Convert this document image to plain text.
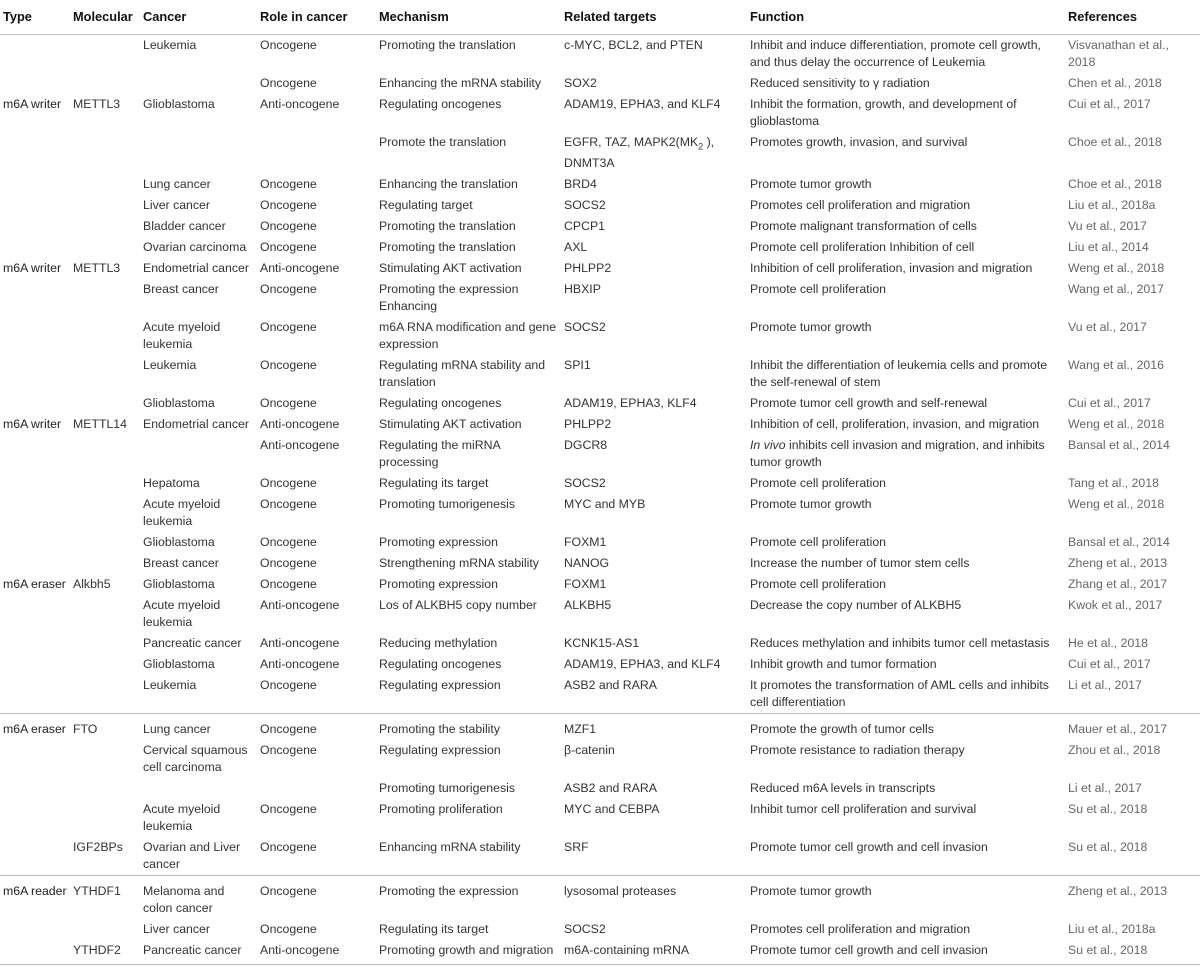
Type	Molecular	Cancer	Role in cancer	Mechanism	Related targets	Function	References
		Leukemia	Oncogene	Promoting the translation	c-MYC, BCL2, and PTEN	Inhibit and induce differentiation, promote cell growth, and thus delay the occurrence of Leukemia	Visvanathan et al., 2018
			Oncogene	Enhancing the mRNA stability	SOX2	Reduced sensitivity to γ radiation	Chen et al., 2018
m6A writer	METTL3	Glioblastoma	Anti-oncogene	Regulating oncogenes	ADAM19, EPHA3, and KLF4	Inhibit the formation, growth, and development of glioblastoma	Cui et al., 2017
				Promote the translation	EGFR, TAZ, $MAPK2(MK_2$ ), DNMT3A	Promotes growth, invasion, and survival	Choe et al., 2018
		Lung cancer	Oncogene	Enhancing the translation	BRD4	Promote tumor growth	Choe et al., 2018
		Liver cancer	Oncogene	Regulating target	SOCS2	Promotes cell proliferation and migration	Liu et al., 2018a
		Bladder cancer	Oncogene	Promoting the translation	CPCP1	Promote malignant transformation of cells	Vu et al., 2017
		Ovarian carcinoma	Oncogene	Promoting the translation	AXL	Promote cell proliferation Inhibition of cell	Liu et al., 2014
m6A writer	METTL3	Endometrial cancer	Anti-oncogene	Stimulating AKT activation	PHLPP2	Inhibition of cell proliferation, invasion and migration	Weng et al., 2018
		Breast cancer	Oncogene	Promoting the expression Enhancing	HBXIP	Promote cell proliferation	Wang et al., 2017
		Acute myeloid leukemia	Oncogene	m6A RNA modification and gene expression	SOCS2	Promote tumor growth	Vu et al., 2017
		Leukemia	Oncogene	Regulating mRNA stability and translation	SPI1	Inhibit the differentiation of leukemia cells and promote the self-renewal of stem	Wang et al., 2016
		Glioblastoma	Oncogene	Regulating oncogenes	ADAM19, EPHA3, KLF4	Promote tumor cell growth and self-renewal	Cui et al., 2017
m6A writer	METTL14	Endometrial cancer	Anti-oncogene	Stimulating AKT activation	PHLPP2	Inhibition of cell, proliferation, invasion, and migration	Weng et al., 2018
			Anti-oncogene	Regulating the miRNA processing	DGCR8	In vivo inhibits cell invasion and migration, and inhibits tumor growth	Bansal et al., 2014
		Hepatoma	Oncogene	Regulating its target	SOCS2	Promote cell proliferation	Tang et al., 2018
		Acute myeloid leukemia	Oncogene	Promoting tumorigenesis	MYC and MYB	Promote tumor growth	Weng et al., 2018
		Glioblastoma	Oncogene	Promoting expression	FOXM1	Promote cell proliferation	Bansal et al., 2014
		Breast cancer	Oncogene	Strengthening mRNA stability	NANOG	Increase the number of tumor stem cells	Zheng et al., 2013
m6A eraser	Alkbh5	Glioblastoma	Oncogene	Promoting expression	FOXM1	Promote cell proliferation	Zhang et al., 2017
		Acute myeloid leukemia	Anti-oncogene	Los of ALKBH5 copy number	ALKBH5	Decrease the copy number of ALKBH5	Kwok et al., 2017
		Pancreatic cancer	Anti-oncogene	Reducing methylation	KCNK15-AS1	Reduces methylation and inhibits tumor cell metastasis	He et al., 2018
		Glioblastoma	Anti-oncogene	Regulating oncogenes	ADAM19, EPHA3, and KLF4	Inhibit growth and tumor formation	Cui et al., 2017
		Leukemia	Oncogene	Regulating expression	ASB2 and RARA	It promotes the transformation of AML cells and inhibits cell differentiation	Li et al., 2017
m6A eraser	FTO	Lung cancer	Oncogene	Promoting the stability	MZF1	Promote the growth of tumor cells	Mauer et al., 2017
		Cervical squamous cell carcinoma	Oncogene	Regulating expression	β-catenin	Promote resistance to radiation therapy	Zhou et al., 2018
				Promoting tumorigenesis	ASB2 and RARA	Reduced m6A levels in transcripts	Li et al., 2017
		Acute myeloid leukemia	Oncogene	Promoting proliferation	MYC and CEBPA	Inhibit tumor cell proliferation and survival	Su et al., 2018
	IGF2BPs	Ovarian and Liver cancer	Oncogene	Enhancing mRNA stability	SRF	Promote tumor cell growth and cell invasion	Su et al., 2018
m6A reader	YTHDF1	Melanoma and colon cancer	Oncogene	Promoting the expression	lysosomal proteases	Promote tumor growth	Zheng et al., 2013
		Liver cancer	Oncogene	Regulating its target	SOCS2	Promotes cell proliferation and migration	Liu et al., 2018a
	YTHDF2	Pancreatic cancer	Anti-oncogene	Promoting growth and migration	m6A-containing mRNA	Promote tumor cell growth and cell invasion	Su et al., 2018
